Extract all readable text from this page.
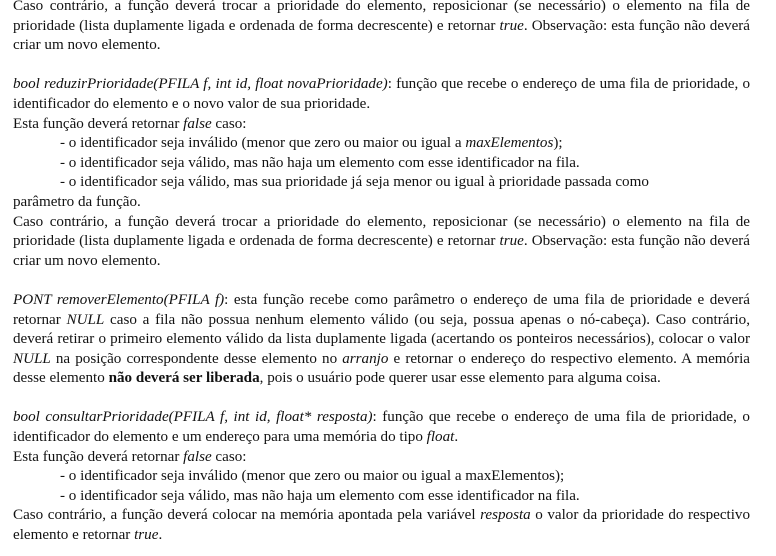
Caso contrário, a função deverá trocar a prioridade do elemento, reposicionar (se necessário) o elemento na fila de prioridade (lista duplamente ligada e ordenada de forma decrescente) e retornar true. Observação: esta função não deverá criar um novo elemento.

bool reduzirPrioridade(PFILA f, int id, float novaPrioridade): função que recebe o endereço de uma fila de prioridade, o identificador do elemento e o novo valor de sua prioridade.

Esta função deverá retornar false caso:

- o identificador seja inválido (menor que zero ou maior ou igual a maxElementos);

- o identificador seja válido, mas não haja um elemento com esse identificador na fila.

- o identificador seja válido, mas sua prioridade já seja menor ou igual à prioridade passada como

parâmetro da função.

Caso contrário, a função deverá trocar a prioridade do elemento, reposicionar (se necessário) o elemento na fila de prioridade (lista duplamente ligada e ordenada de forma decrescente) e retornar true. Observação: esta função não deverá criar um novo elemento.

PONT removerElemento(PFILA f): esta função recebe como parâmetro o endereço de uma fila de prioridade e deverá retornar NULL caso a fila não possua nenhum elemento válido (ou seja, possua apenas o nó-cabeça). Caso contrário, deverá retirar o primeiro elemento válido da lista duplamente ligada (acertando os ponteiros necessários), colocar o valor NULL na posição correspondente desse elemento no arranjo e retornar o endereço do respectivo elemento. A memória desse elemento não deverá ser liberada, pois o usuário pode querer usar esse elemento para alguma coisa.

bool consultarPrioridade(PFILA f, int id, float* resposta): função que recebe o endereço de uma fila de prioridade, o identificador do elemento e um endereço para uma memória do tipo float.

Esta função deverá retornar false caso:

- o identificador seja inválido (menor que zero ou maior ou igual a maxElementos);

- o identificador seja válido, mas não haja um elemento com esse identificador na fila.

Caso contrário, a função deverá colocar na memória apontada pela variável resposta o valor da prioridade do respectivo elemento e retornar true.
